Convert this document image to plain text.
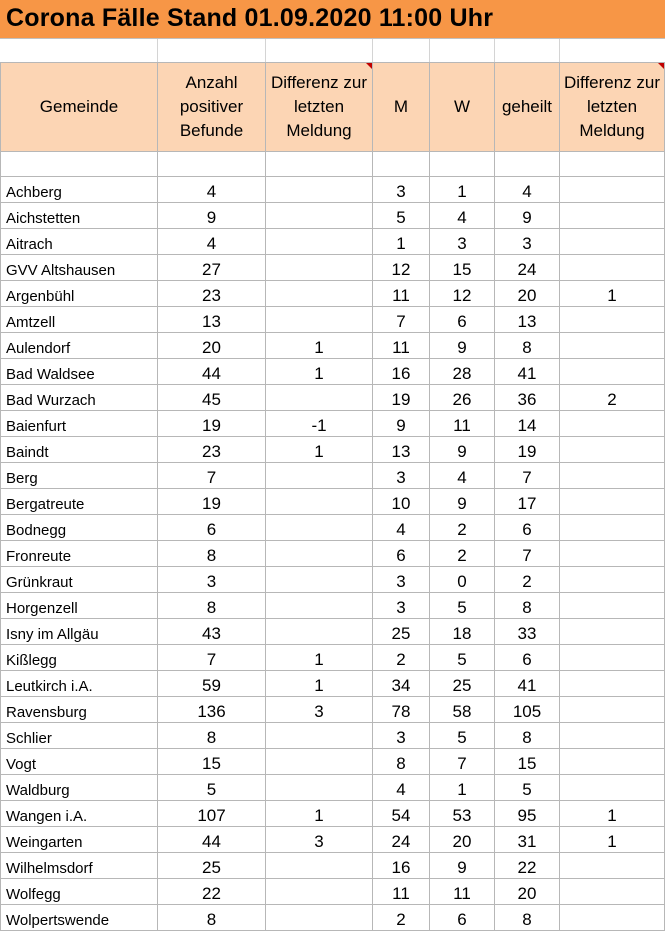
Corona Fälle Stand 01.09.2020 11:00 Uhr
Gemeinde	Anzahl positiver Befunde	Differenz zur letzten Meldung	M	W	geheilt	Differenz zur letzten Meldung

Achberg	4		3	1	4	
Aichstetten	9		5	4	9	
Aitrach	4		1	3	3	
GVV Altshausen	27		12	15	24	
Argenbühl	23		11	12	20	1
Amtzell	13		7	6	13	
Aulendorf	20	1	11	9	8	
Bad Waldsee	44	1	16	28	41	
Bad Wurzach	45		19	26	36	2
Baienfurt	19	-1	9	11	14	
Baindt	23	1	13	9	19	
Berg	7		3	4	7	
Bergatreute	19		10	9	17	
Bodnegg	6		4	2	6	
Fronreute	8		6	2	7	
Grünkraut	3		3	0	2	
Horgenzell	8		3	5	8	
Isny im Allgäu	43		25	18	33	
Kißlegg	7	1	2	5	6	
Leutkirch i.A.	59	1	34	25	41	
Ravensburg	136	3	78	58	105	
Schlier	8		3	5	8	
Vogt	15		8	7	15	
Waldburg	5		4	1	5	
Wangen i.A.	107	1	54	53	95	1
Weingarten	44	3	24	20	31	1
Wilhelmsdorf	25		16	9	22	
Wolfegg	22		11	11	20	
Wolpertswende	8		2	6	8	
